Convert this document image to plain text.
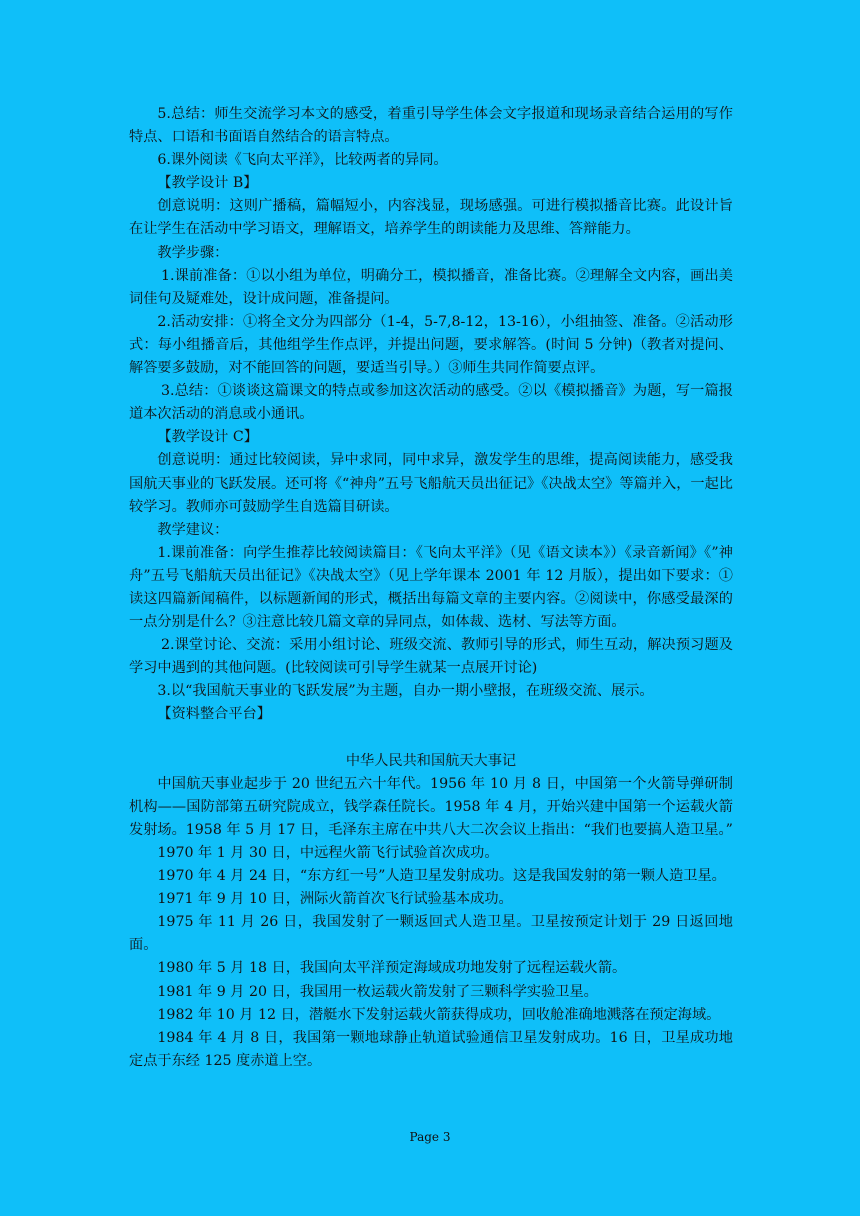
5.总结：师生交流学习本文的感受，着重引导学生体会文字报道和现场录音结合运用的写作特点、口语和书面语自然结合的语言特点。

6.课外阅读《飞向太平洋》，比较两者的异同。

【教学设计 B】

创意说明：这则广播稿，篇幅短小，内容浅显，现场感强。可进行模拟播音比赛。此设计旨在让学生在活动中学习语文，理解语文，培养学生的朗读能力及思维、答辩能力。

教学步骤：

1.课前准备：①以小组为单位，明确分工，模拟播音，准备比赛。②理解全文内容，画出美词佳句及疑难处，设计成问题，准备提问。

2.活动安排：①将全文分为四部分（1-4，5-7,8-12，13-16），小组抽签、准备。②活动形式：每小组播音后，其他组学生作点评，并提出问题，要求解答。(时间 5 分钟)（教者对提问、解答要多鼓励，对不能回答的问题，要适当引导。）③师生共同作简要点评。

3.总结：①谈谈这篇课文的特点或参加这次活动的感受。②以《模拟播音》为题，写一篇报道本次活动的消息或小通讯。

【教学设计 C】

创意说明：通过比较阅读，异中求同，同中求异，激发学生的思维，提高阅读能力，感受我国航天事业的飞跃发展。还可将《“神舟”五号飞船航天员出征记》《决战太空》等篇并入，一起比较学习。教师亦可鼓励学生自选篇目研读。

教学建议：

1.课前准备：向学生推荐比较阅读篇目：《飞向太平洋》（见《语文读本》）《录音新闻》《”神舟”五号飞船航天员出征记》《决战太空》（见上学年课本 2001 年 12 月版），提出如下要求：①读这四篇新闻稿件，以标题新闻的形式，概括出每篇文章的主要内容。②阅读中，你感受最深的一点分别是什么？③注意比较几篇文章的异同点，如体裁、选材、写法等方面。

2.课堂讨论、交流：采用小组讨论、班级交流、教师引导的形式，师生互动，解决预习题及学习中遇到的其他问题。(比较阅读可引导学生就某一点展开讨论)

3.以“我国航天事业的飞跃发展”为主题，自办一期小壁报，在班级交流、展示。

【资料整合平台】

中华人民共和国航天大事记

中国航天事业起步于 20 世纪五六十年代。1956 年 10 月 8 日，中国第一个火箭导弹研制机构——国防部第五研究院成立，钱学森任院长。1958 年 4 月，开始兴建中国第一个运载火箭发射场。1958 年 5 月 17 日，毛泽东主席在中共八大二次会议上指出：“我们也要搞人造卫星。”

1970 年 1 月 30 日，中远程火箭飞行试验首次成功。

1970 年 4 月 24 日，“东方红一号”人造卫星发射成功。这是我国发射的第一颗人造卫星。

1971 年 9 月 10 日，洲际火箭首次飞行试验基本成功。

1975 年 11 月 26 日，我国发射了一颗返回式人造卫星。卫星按预定计划于 29 日返回地面。

1980 年 5 月 18 日，我国向太平洋预定海域成功地发射了远程运载火箭。

1981 年 9 月 20 日，我国用一枚运载火箭发射了三颗科学实验卫星。

1982 年 10 月 12 日，潜艇水下发射运载火箭获得成功，回收舱准确地溅落在预定海域。

1984 年 4 月 8 日，我国第一颗地球静止轨道试验通信卫星发射成功。16 日，卫星成功地定点于东经 125 度赤道上空。

Page 3
